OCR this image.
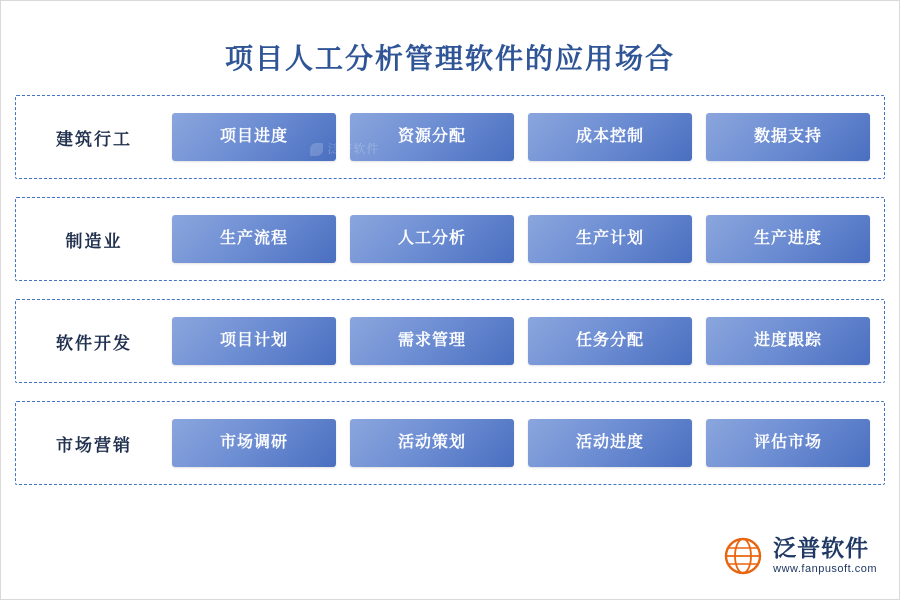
项目人工分析管理软件的应用场合
建筑行工	项目进度	资源分配	成本控制	数据支持
制造业	生产流程	人工分析	生产计划	生产进度
软件开发	项目计划	需求管理	任务分配	进度跟踪
市场营销	市场调研	活动策划	活动进度	评估市场
泛普软件
泛普软件
www.fanpusoft.com
